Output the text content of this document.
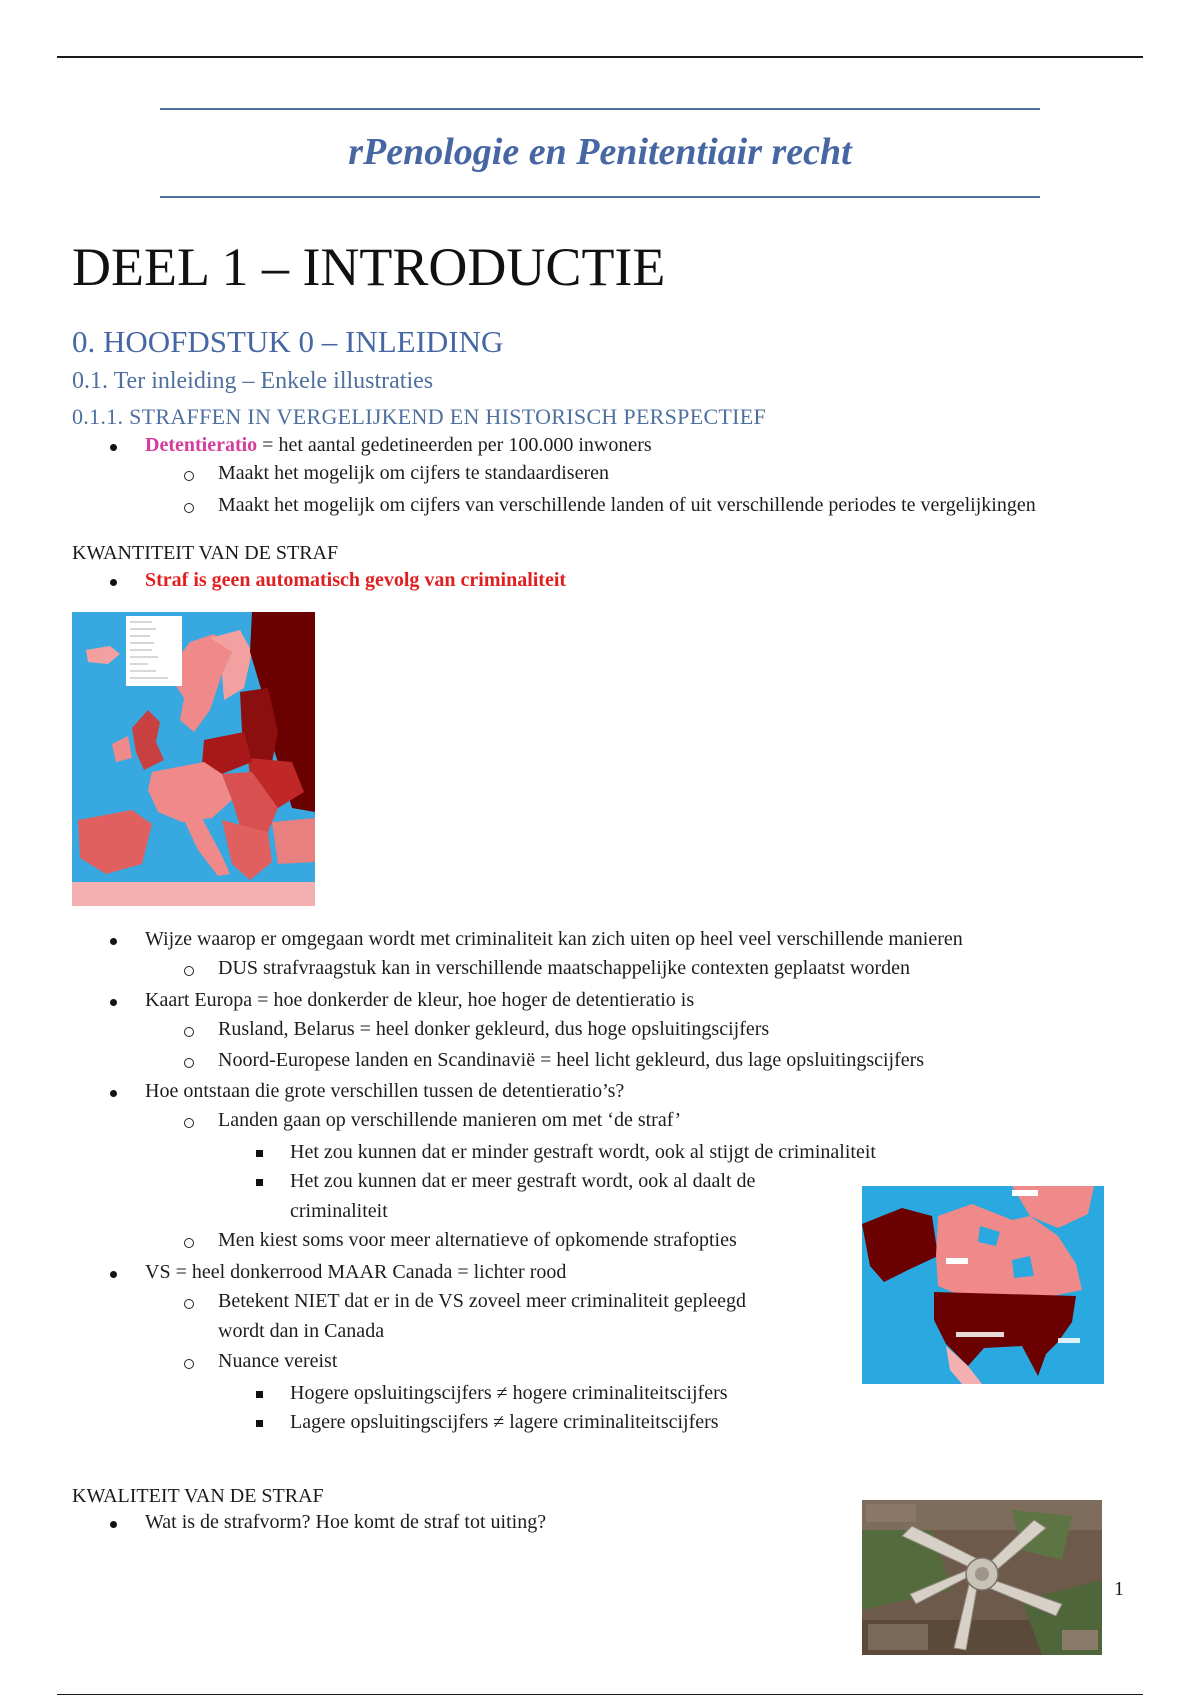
rPenologie en Penitentiair recht
DEEL 1 – INTRODUCTIE
0. HOOFDSTUK 0 – INLEIDING
0.1. Ter inleiding – Enkele illustraties
0.1.1. STRAFFEN IN VERGELIJKEND EN HISTORISCH PERSPECTIEF
Detentieratio = het aantal gedetineerden per 100.000 inwoners
Maakt het mogelijk om cijfers te standaardiseren
Maakt het mogelijk om cijfers van verschillende landen of uit verschillende periodes te vergelijkingen
KWANTITEIT VAN DE STRAF
Straf is geen automatisch gevolg van criminaliteit
Wijze waarop er omgegaan wordt met criminaliteit kan zich uiten op heel veel verschillende manieren
DUS strafvraagstuk kan in verschillende maatschappelijke contexten geplaatst worden
Kaart Europa = hoe donkerder de kleur, hoe hoger de detentieratio is
Rusland, Belarus = heel donker gekleurd, dus hoge opsluitingscijfers
Noord-Europese landen en Scandinavië = heel licht gekleurd, dus lage opsluitingscijfers
Hoe ontstaan die grote verschillen tussen de detentieratio’s?
Landen gaan op verschillende manieren om met ‘de straf’
Het zou kunnen dat er minder gestraft wordt, ook al stijgt de criminaliteit
Het zou kunnen dat er meer gestraft wordt, ook al daalt de
criminaliteit
Men kiest soms voor meer alternatieve of opkomende strafopties
VS = heel donkerrood MAAR Canada = lichter rood
Betekent NIET dat er in de VS zoveel meer criminaliteit gepleegd
wordt dan in Canada
Nuance vereist
Hogere opsluitingscijfers ≠ hogere criminaliteitscijfers
Lagere opsluitingscijfers ≠ lagere criminaliteitscijfers
KWALITEIT VAN DE STRAF
Wat is de strafvorm? Hoe komt de straf tot uiting?
1
